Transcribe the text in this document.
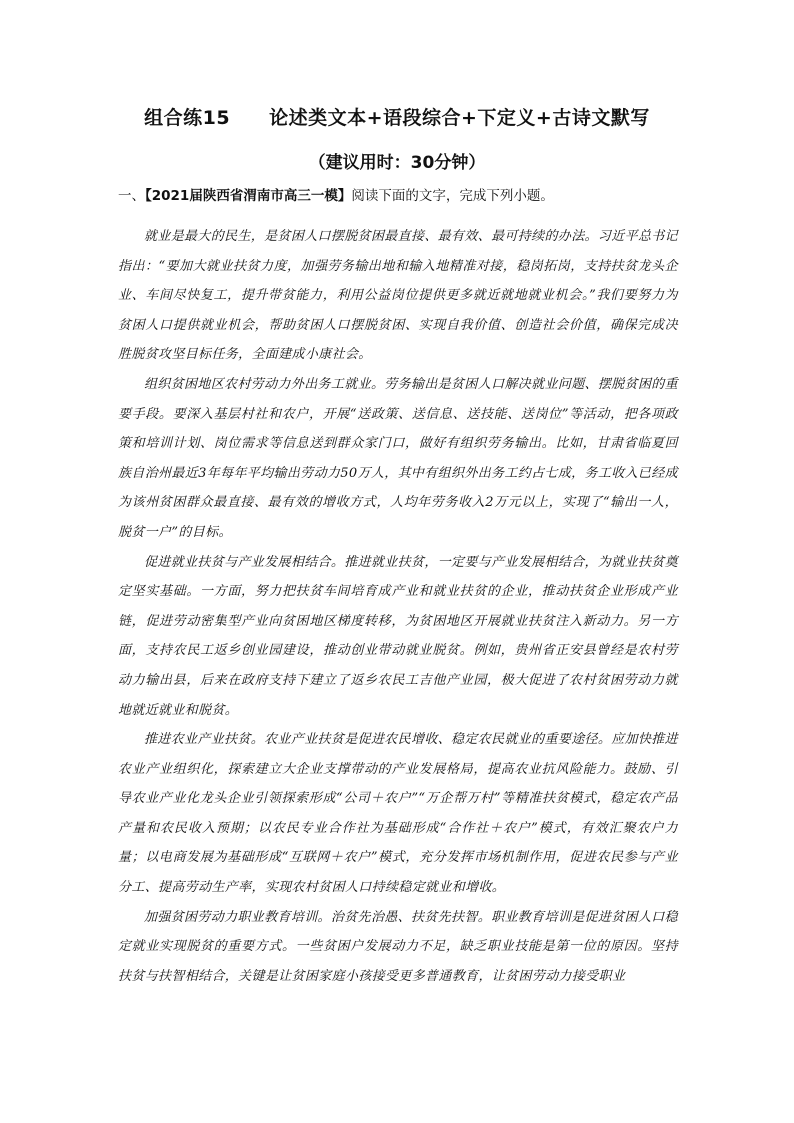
组合练15　　论述类文本+语段综合+下定义+古诗文默写
（建议用时：30分钟）
一、【2021届陕西省渭南市高三一模】阅读下面的文字，完成下列小题。

就业是最大的民生，是贫困人口摆脱贫困最直接、最有效、最可持续的办法。习近平总书记指出：“要加大就业扶贫力度，加强劳务输出地和输入地精准对接，稳岗拓岗，支持扶贫龙头企业、车间尽快复工，提升带贫能力，利用公益岗位提供更多就近就地就业机会。”我们要努力为贫困人口提供就业机会，帮助贫困人口摆脱贫困、实现自我价值、创造社会价值，确保完成决胜脱贫攻坚目标任务，全面建成小康社会。

组织贫困地区农村劳动力外出务工就业。劳务输出是贫困人口解决就业问题、摆脱贫困的重要手段。要深入基层村社和农户，开展“送政策、送信息、送技能、送岗位”等活动，把各项政策和培训计划、岗位需求等信息送到群众家门口，做好有组织劳务输出。比如，甘肃省临夏回族自治州最近3年每年平均输出劳动力50万人，其中有组织外出务工约占七成，务工收入已经成为该州贫困群众最直接、最有效的增收方式，人均年劳务收入2万元以上，实现了“输出一人，脱贫一户”的目标。

促进就业扶贫与产业发展相结合。推进就业扶贫，一定要与产业发展相结合，为就业扶贫奠定坚实基础。一方面，努力把扶贫车间培育成产业和就业扶贫的企业，推动扶贫企业形成产业链，促进劳动密集型产业向贫困地区梯度转移，为贫困地区开展就业扶贫注入新动力。另一方面，支持农民工返乡创业园建设，推动创业带动就业脱贫。例如，贵州省正安县曾经是农村劳动力输出县，后来在政府支持下建立了返乡农民工吉他产业园，极大促进了农村贫困劳动力就地就近就业和脱贫。

推进农业产业扶贫。农业产业扶贫是促进农民增收、稳定农民就业的重要途径。应加快推进农业产业组织化，探索建立大企业支撑带动的产业发展格局，提高农业抗风险能力。鼓励、引导农业产业化龙头企业引领探索形成“公司＋农户”“万企帮万村”等精准扶贫模式，稳定农产品产量和农民收入预期；以农民专业合作社为基础形成“合作社＋农户”模式，有效汇聚农户力量；以电商发展为基础形成“互联网＋农户”模式，充分发挥市场机制作用，促进农民参与产业分工、提高劳动生产率，实现农村贫困人口持续稳定就业和增收。

加强贫困劳动力职业教育培训。治贫先治愚、扶贫先扶智。职业教育培训是促进贫困人口稳定就业实现脱贫的重要方式。一些贫困户发展动力不足，缺乏职业技能是第一位的原因。坚持扶贫与扶智相结合，关键是让贫困家庭小孩接受更多普通教育，让贫困劳动力接受职业
